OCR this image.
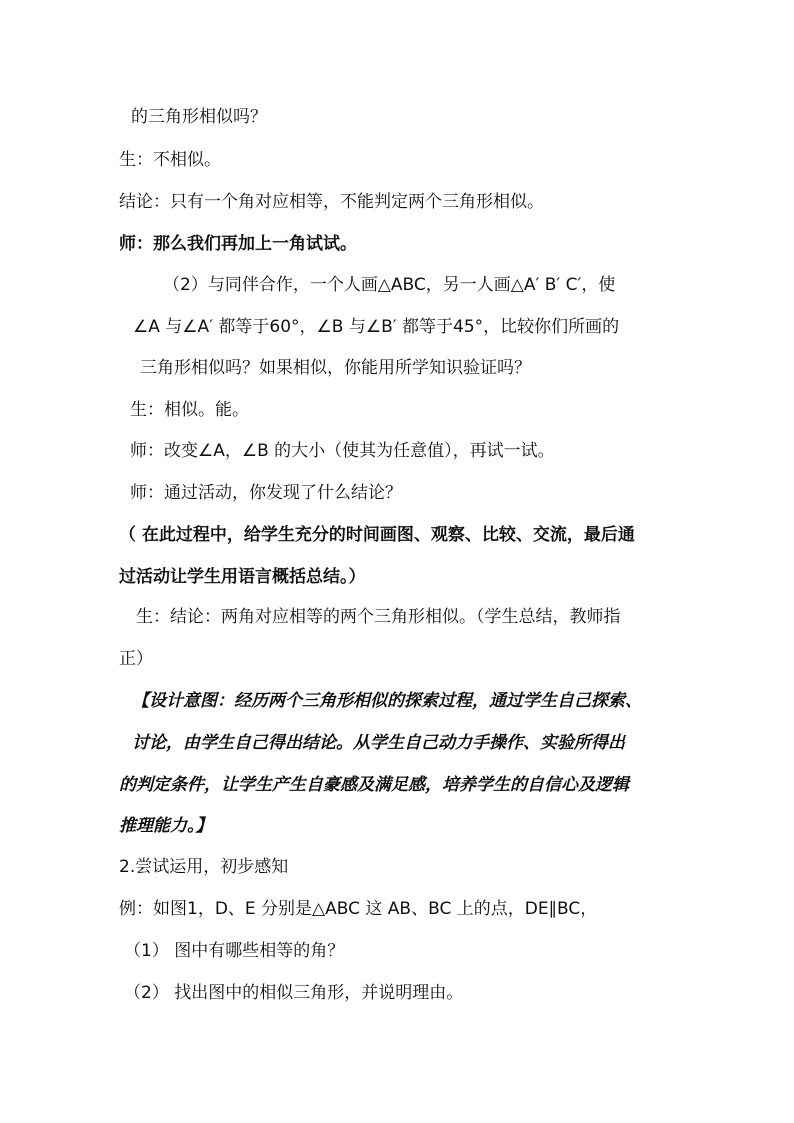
的三角形相似吗？
生：不相似。
结论：只有一个角对应相等，不能判定两个三角形相似。
师：那么我们再加上一角试试。
（2）与同伴合作，一个人画△ABC，另一人画△A′ B′ C′，使
∠A 与∠A′ 都等于60°，∠B 与∠B′ 都等于45°，比较你们所画的
三角形相似吗？如果相似，你能用所学知识验证吗？
生：相似。能。
师：改变∠A，∠B 的大小（使其为任意值），再试一试。
师：通过活动，你发现了什么结论？
（ 在此过程中，给学生充分的时间画图、观察、比较、交流，最后通
过活动让学生用语言概括总结。）
生：结论：两角对应相等的两个三角形相似。（学生总结，教师指
正）
【设计意图：经历两个三角形相似的探索过程，通过学生自己探索、
讨论，由学生自己得出结论。从学生自己动力手操作、实验所得出
的判定条件，让学生产生自豪感及满足感，培养学生的自信心及逻辑
推理能力。】
2.尝试运用，初步感知
例：如图1，D、E 分别是△ABC 这 AB、BC 上的点，DE∥BC，
（1） 图中有哪些相等的角？
（2） 找出图中的相似三角形，并说明理由。
